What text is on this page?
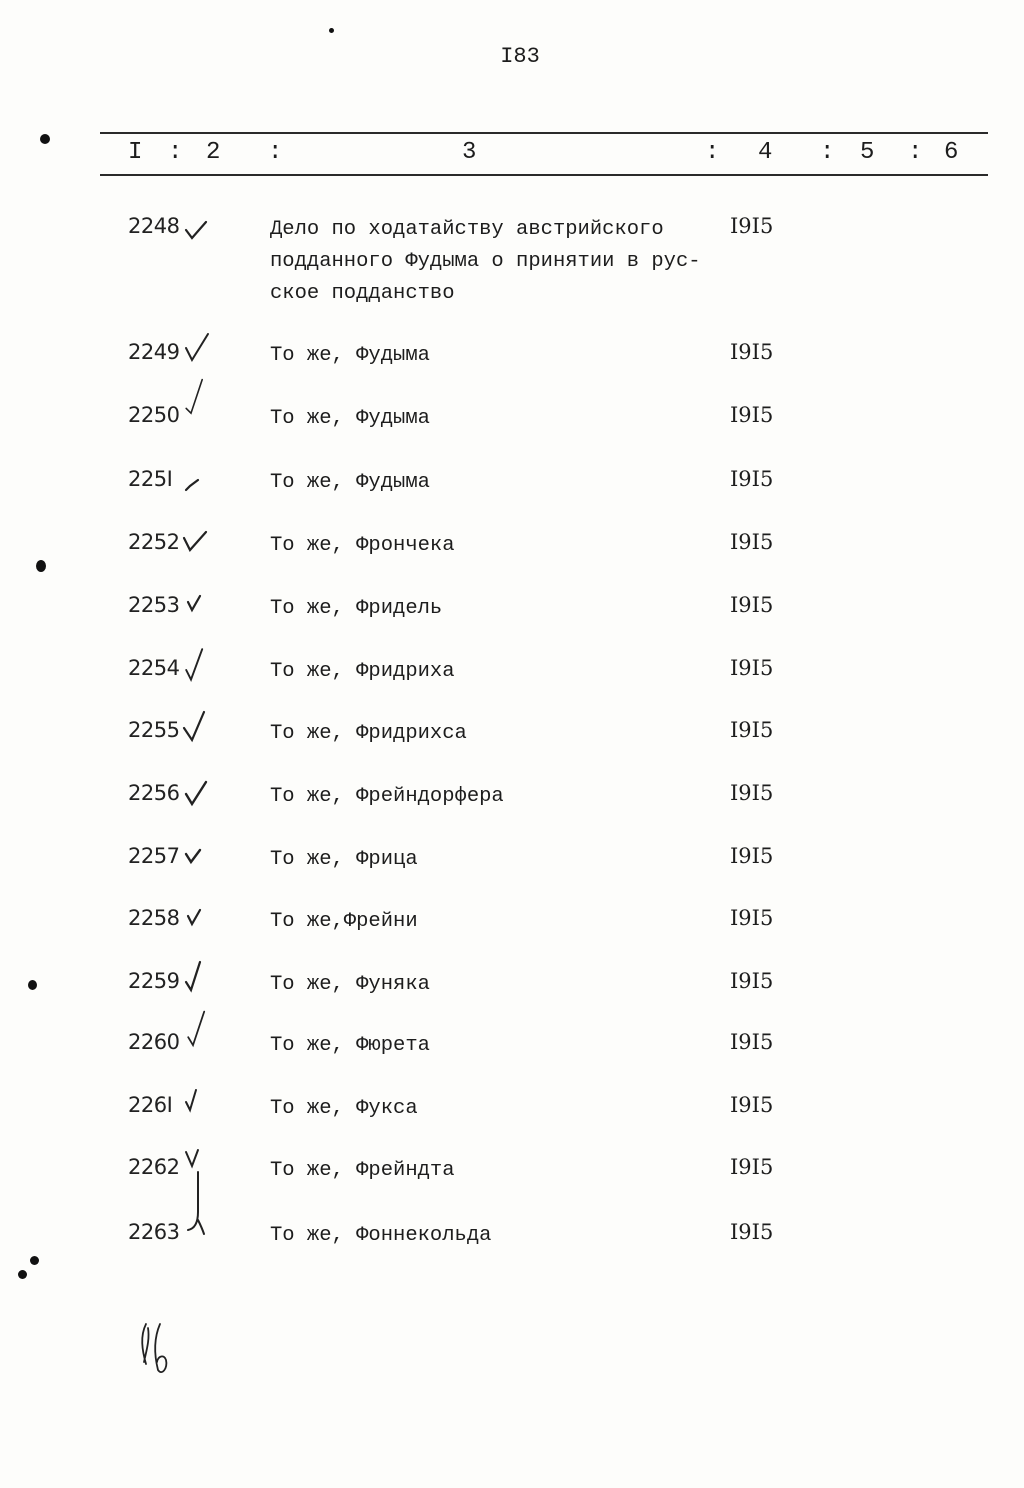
I83
I : 2 :	3	: 4 : 5 : 6
2248	Дело по ходатайству австрийского
подданного Фудыма о принятии в рус-
ское подданство
I9I5
2249	То же, Фудыма	I9I5
2250	То же, Фудыма	I9I5
225I	То же, Фудыма	I9I5
2252	То же, Фрончека	I9I5
2253	То же, Фридель	I9I5
2254	То же, Фридриха	I9I5
2255	То же, Фридрихса	I9I5
2256	То же, Фрейндорфера	I9I5
2257	То же, Фрица	I9I5
2258	То же,Фрейни	I9I5
2259	То же, Фуняка	I9I5
2260	То же, Фюрета	I9I5
226I	То же, Фукса	I9I5
2262	То же, Фрейндта	I9I5
2263	То же, Фоннекольда	I9I5
